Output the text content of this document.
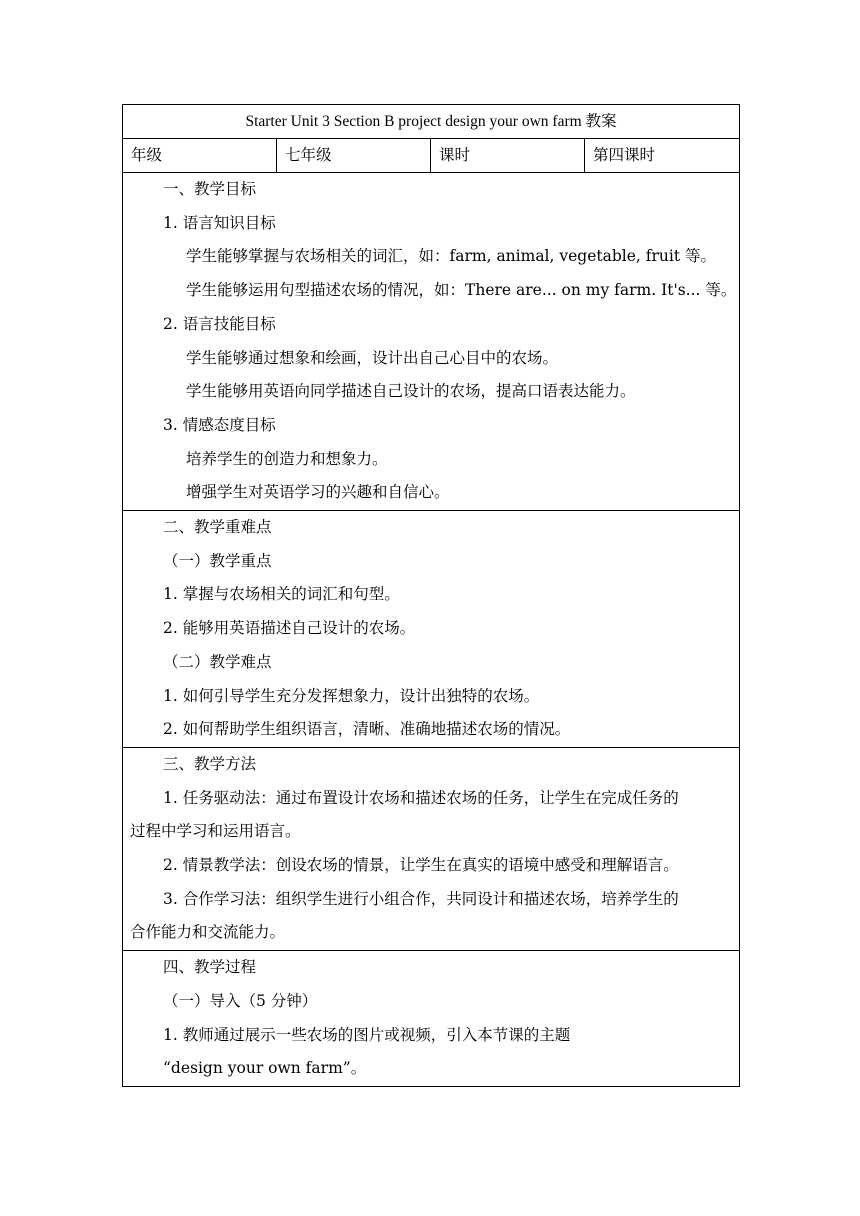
Starter Unit 3 Section B project design your own farm 教案
年级	七年级	课时	第四课时

一、教学目标
1. 语言知识目标
学生能够掌握与农场相关的词汇，如：farm, animal, vegetable, fruit 等。
学生能够运用句型描述农场的情况，如：There are... on my farm. It's... 等。
2. 语言技能目标
学生能够通过想象和绘画，设计出自己心目中的农场。
学生能够用英语向同学描述自己设计的农场，提高口语表达能力。
3. 情感态度目标
培养学生的创造力和想象力。
增强学生对英语学习的兴趣和自信心。

二、教学重难点
（一）教学重点
1. 掌握与农场相关的词汇和句型。
2. 能够用英语描述自己设计的农场。
（二）教学难点
1. 如何引导学生充分发挥想象力，设计出独特的农场。
2. 如何帮助学生组织语言，清晰、准确地描述农场的情况。

三、教学方法
1. 任务驱动法：通过布置设计农场和描述农场的任务，让学生在完成任务的
过程中学习和运用语言。
2. 情景教学法：创设农场的情景，让学生在真实的语境中感受和理解语言。
3. 合作学习法：组织学生进行小组合作，共同设计和描述农场，培养学生的
合作能力和交流能力。

四、教学过程
（一）导入（5 分钟）
1. 教师通过展示一些农场的图片或视频，引入本节课的主题
“design your own farm”。
